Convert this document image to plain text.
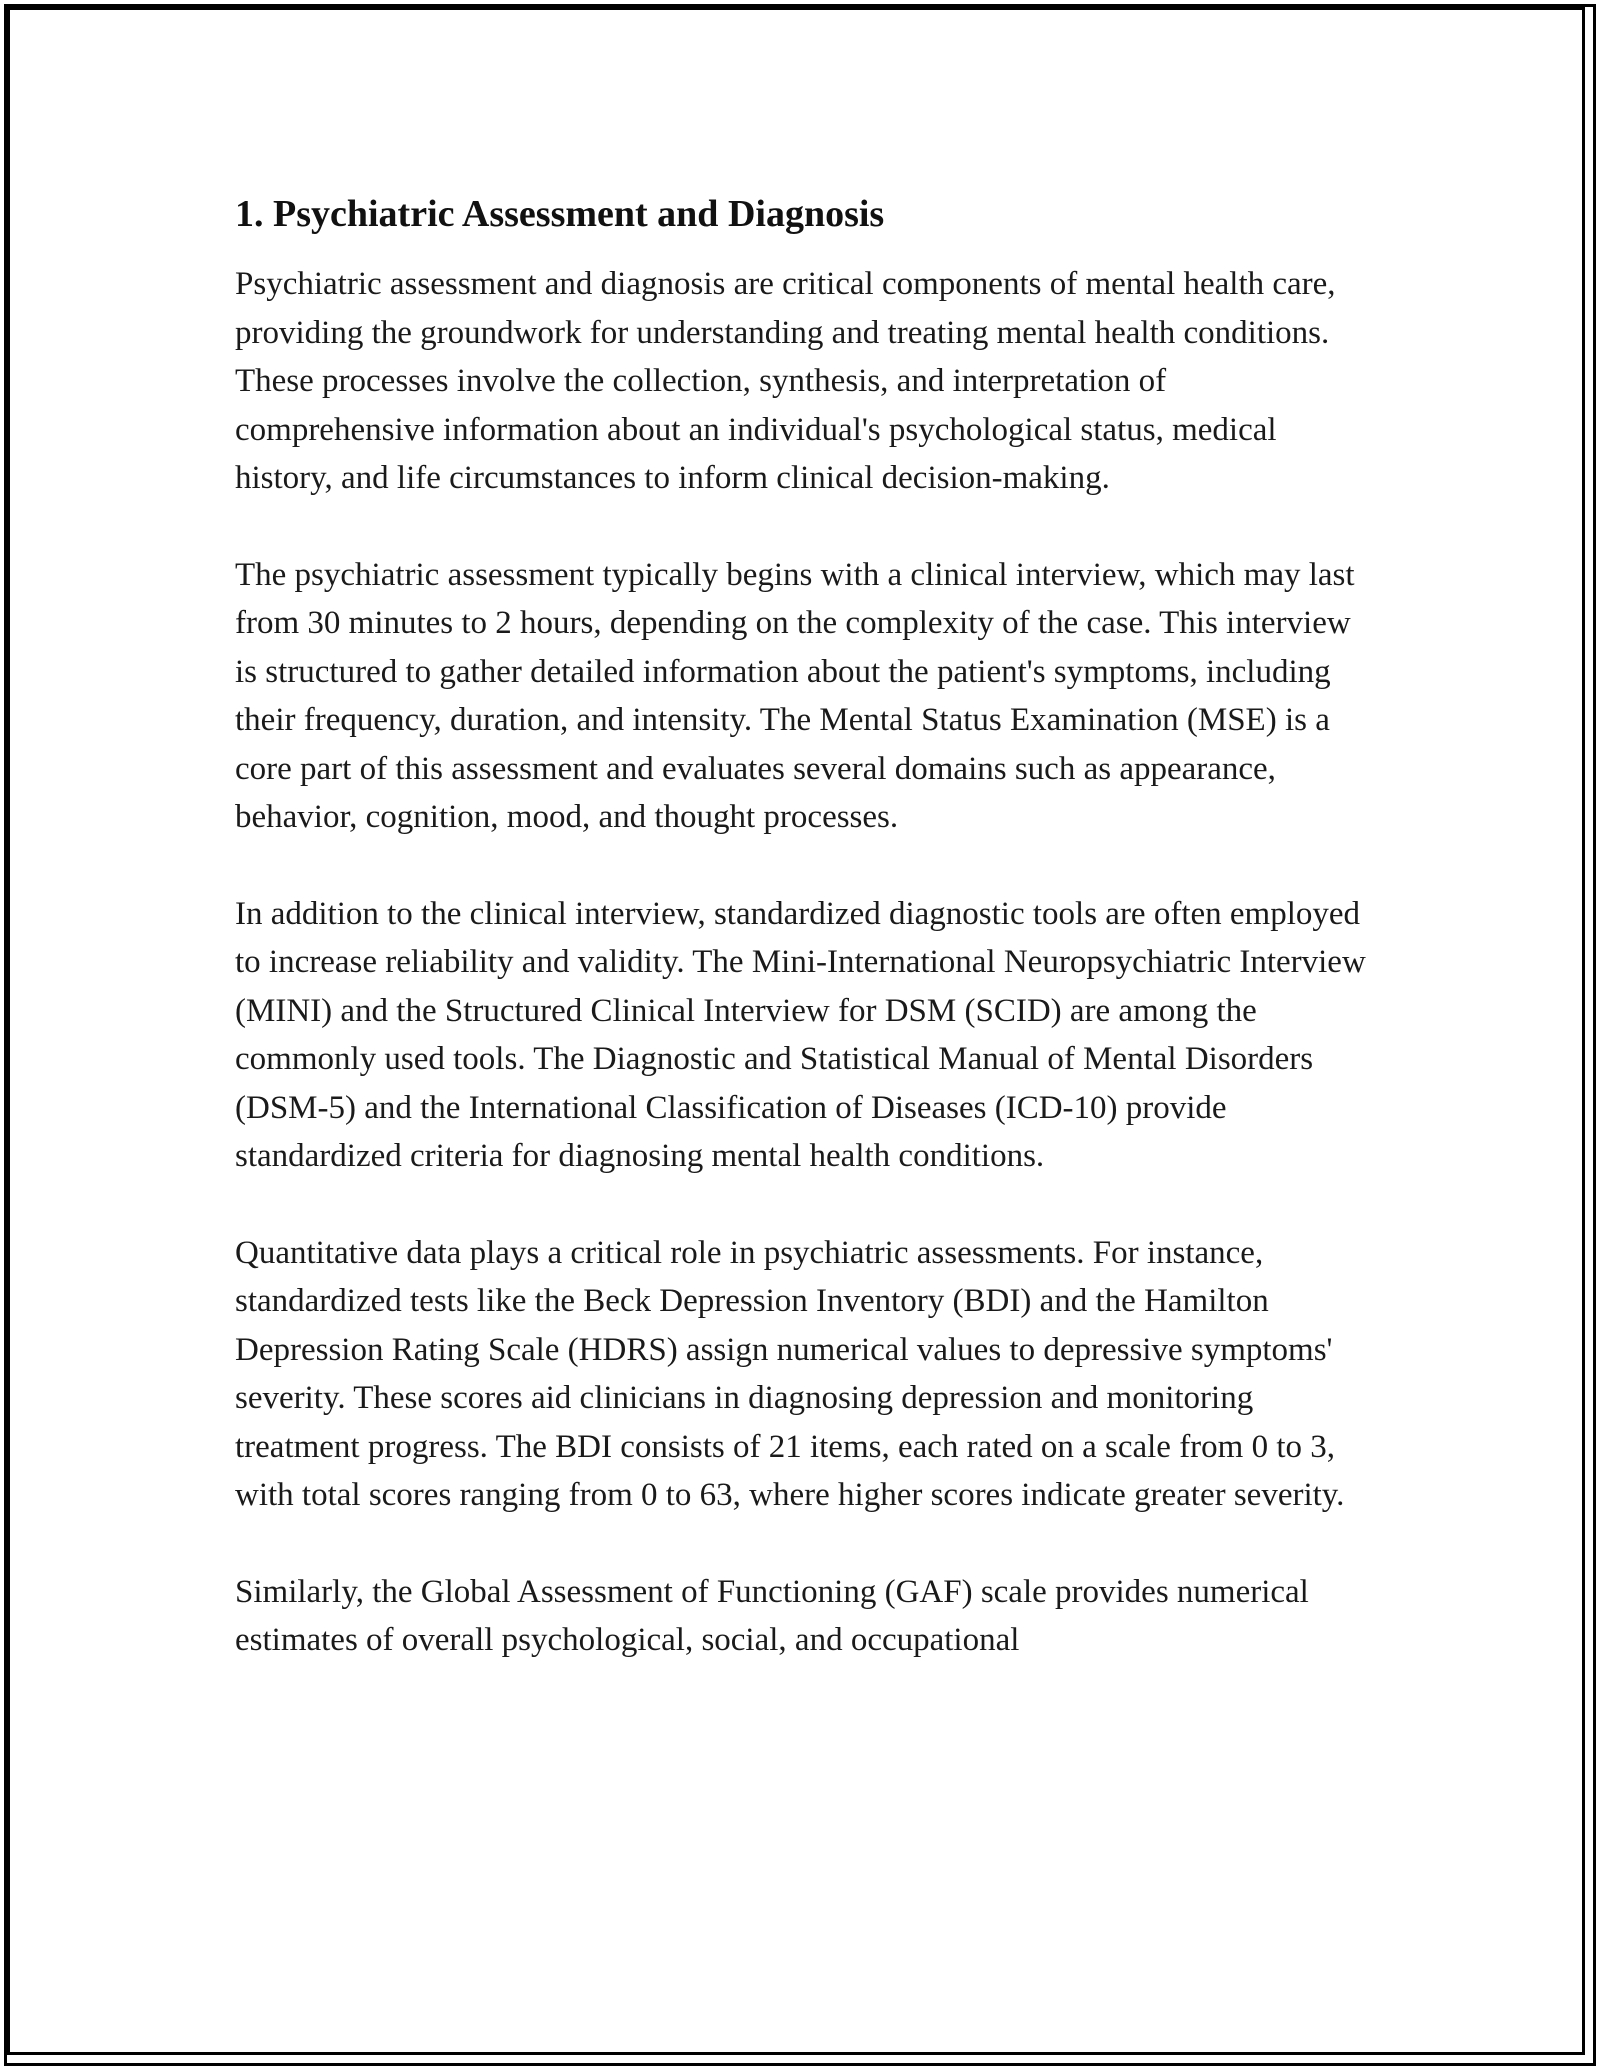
1. Psychiatric Assessment and Diagnosis

Psychiatric assessment and diagnosis are critical components of mental health care, providing the groundwork for understanding and treating mental health conditions. These processes involve the collection, synthesis, and interpretation of comprehensive information about an individual's psychological status, medical history, and life circumstances to inform clinical decision-making.

The psychiatric assessment typically begins with a clinical interview, which may last from 30 minutes to 2 hours, depending on the complexity of the case. This interview is structured to gather detailed information about the patient's symptoms, including their frequency, duration, and intensity. The Mental Status Examination (MSE) is a core part of this assessment and evaluates several domains such as appearance, behavior, cognition, mood, and thought processes.

In addition to the clinical interview, standardized diagnostic tools are often employed to increase reliability and validity. The Mini-International Neuropsychiatric Interview (MINI) and the Structured Clinical Interview for DSM (SCID) are among the commonly used tools. The Diagnostic and Statistical Manual of Mental Disorders (DSM-5) and the International Classification of Diseases (ICD-10) provide standardized criteria for diagnosing mental health conditions.

Quantitative data plays a critical role in psychiatric assessments. For instance, standardized tests like the Beck Depression Inventory (BDI) and the Hamilton Depression Rating Scale (HDRS) assign numerical values to depressive symptoms' severity. These scores aid clinicians in diagnosing depression and monitoring treatment progress. The BDI consists of 21 items, each rated on a scale from 0 to 3, with total scores ranging from 0 to 63, where higher scores indicate greater severity.

Similarly, the Global Assessment of Functioning (GAF) scale provides numerical estimates of overall psychological, social, and occupational
